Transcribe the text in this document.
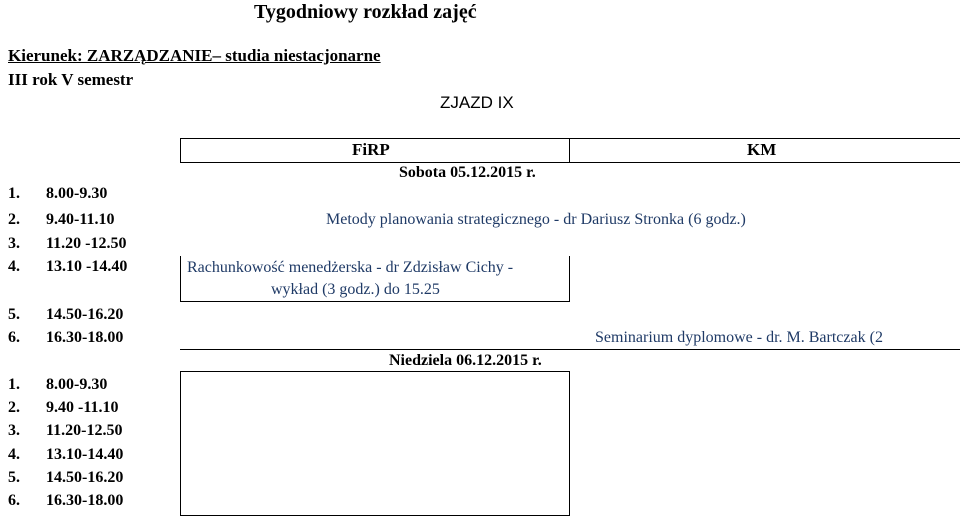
Tygodniowy rozkład zajęć
Kierunek: ZARZĄDZANIE– studia niestacjonarne
III rok V semestr
ZJAZD IX
FiRP	KM
Sobota 05.12.2015 r.
1. 8.00-9.30
2. 9.40-11.10
3. 11.20 -12.50
4. 13.10 -14.40
5. 14.50-16.20
6. 16.30-18.00
Metody planowania strategicznego - dr Dariusz Stronka (6 godz.)
Rachunkowość menedżerska - dr Zdzisław Cichy -
wykład (3 godz.) do 15.25
Seminarium dyplomowe - dr. M. Bartczak (2
Niedziela 06.12.2015 r.
1. 8.00-9.30
2. 9.40 -11.10
3. 11.20-12.50
4. 13.10-14.40
5. 14.50-16.20
6. 16.30-18.00
